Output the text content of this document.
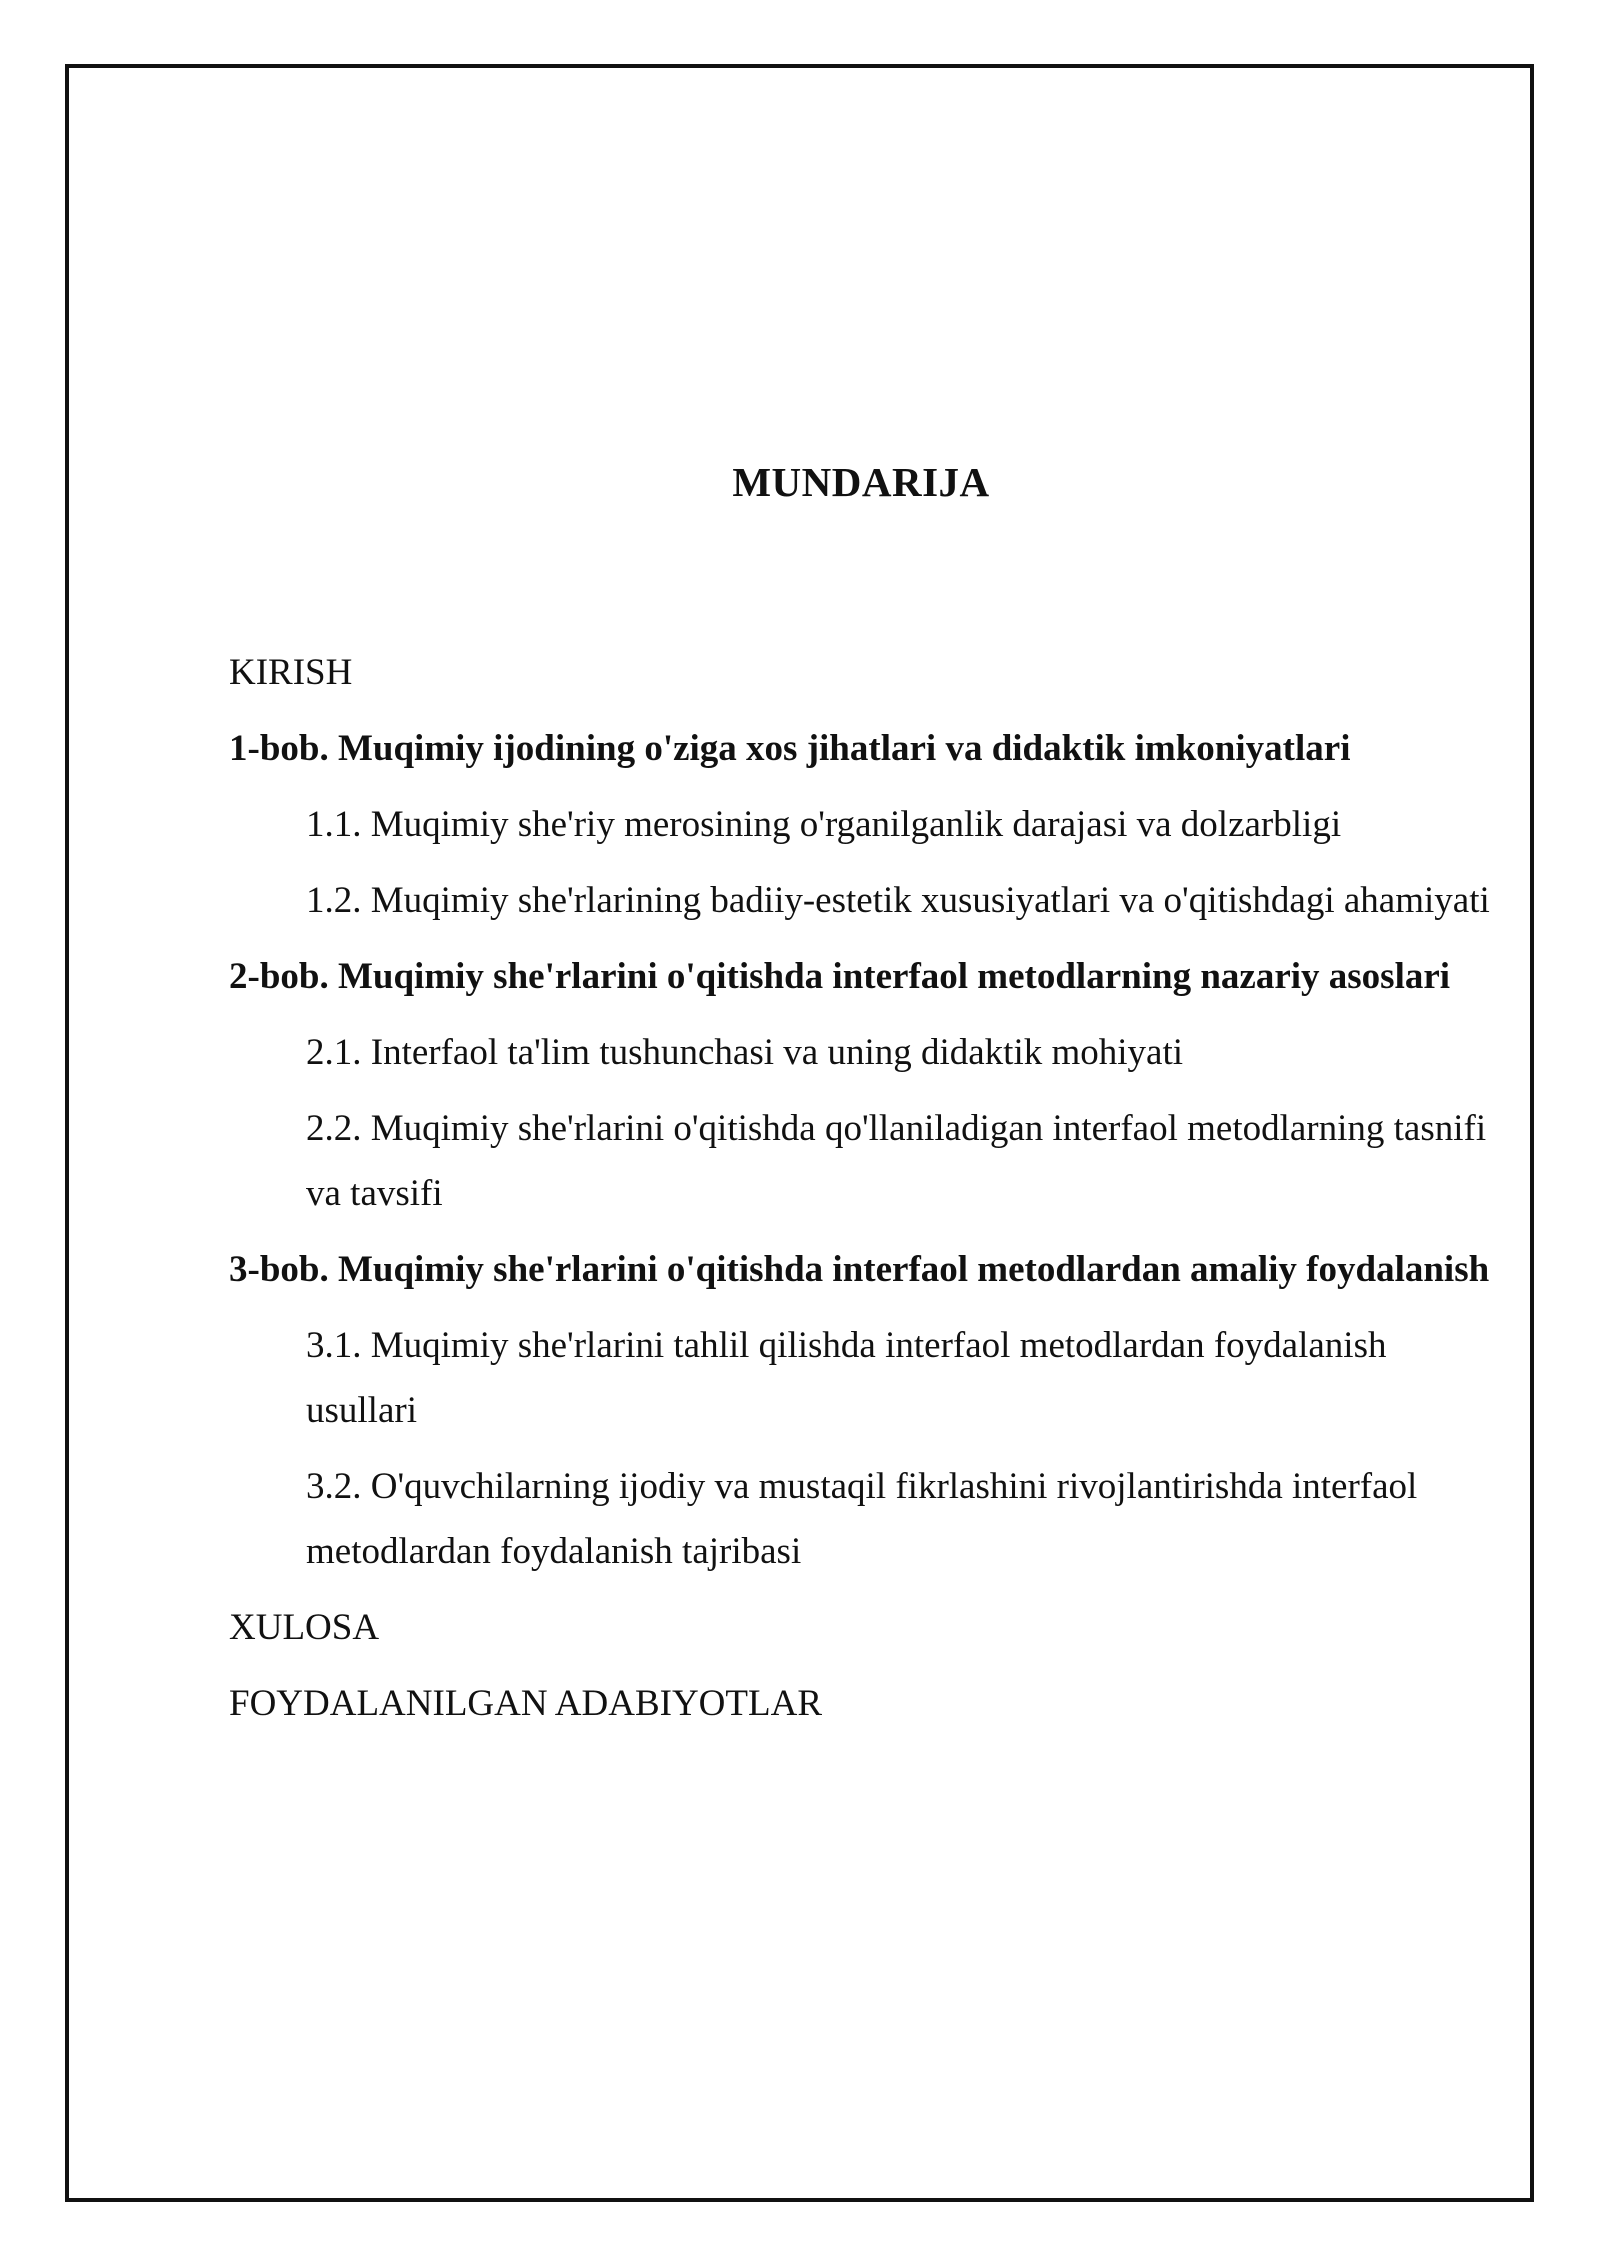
MUNDARIJA
KIRISH
1-bob. Muqimiy ijodining o'ziga xos jihatlari va didaktik imkoniyatlari
1.1. Muqimiy she'riy merosining o'rganilganlik darajasi va dolzarbligi
1.2. Muqimiy she'rlarining badiiy-estetik xususiyatlari va o'qitishdagi ahamiyati
2-bob. Muqimiy she'rlarini o'qitishda interfaol metodlarning nazariy asoslari
2.1. Interfaol ta'lim tushunchasi va uning didaktik mohiyati
2.2. Muqimiy she'rlarini o'qitishda qo'llaniladigan interfaol metodlarning tasnifi va tavsifi
3-bob. Muqimiy she'rlarini o'qitishda interfaol metodlardan amaliy foydalanish
3.1. Muqimiy she'rlarini tahlil qilishda interfaol metodlardan foydalanish usullari
3.2. O'quvchilarning ijodiy va mustaqil fikrlashini rivojlantirishda interfaol metodlardan foydalanish tajribasi
XULOSA
FOYDALANILGAN ADABIYOTLAR
